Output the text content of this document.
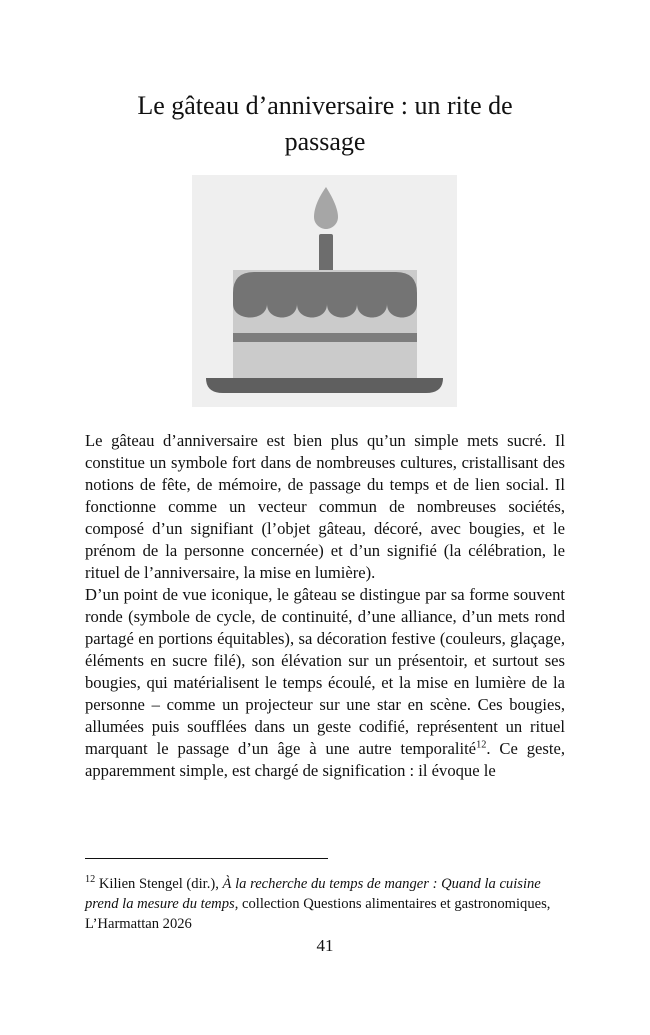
Le gâteau d’anniversaire : un rite de passage

Le gâteau d’anniversaire est bien plus qu’un simple mets sucré. Il constitue un symbole fort dans de nombreuses cultures, cristallisant des notions de fête, de mémoire, de passage du temps et de lien social. Il fonctionne comme un vecteur commun de nombreuses sociétés, composé d’un signifiant (l’objet gâteau, décoré, avec bougies, et le prénom de la personne concernée) et d’un signifié (la célébration, le rituel de l’anniversaire, la mise en lumière).

D’un point de vue iconique, le gâteau se distingue par sa forme souvent ronde (symbole de cycle, de continuité, d’une alliance, d’un mets rond partagé en portions équitables), sa décoration festive (couleurs, glaçage, éléments en sucre filé), son élévation sur un présentoir, et surtout ses bougies, qui matérialisent le temps écoulé, et la mise en lumière de la personne – comme un projecteur sur une star en scène. Ces bougies, allumées puis soufflées dans un geste codifié, représentent un rituel marquant le passage d’un âge à une autre temporalité$^{12}$. Ce geste, apparemment simple, est chargé de signification : il évoque le

$^{12}$ Kilien Stengel (dir.), À la recherche du temps de manger : Quand la cuisine prend la mesure du temps, collection Questions alimentaires et gastronomiques, L’Harmattan 2026

41
